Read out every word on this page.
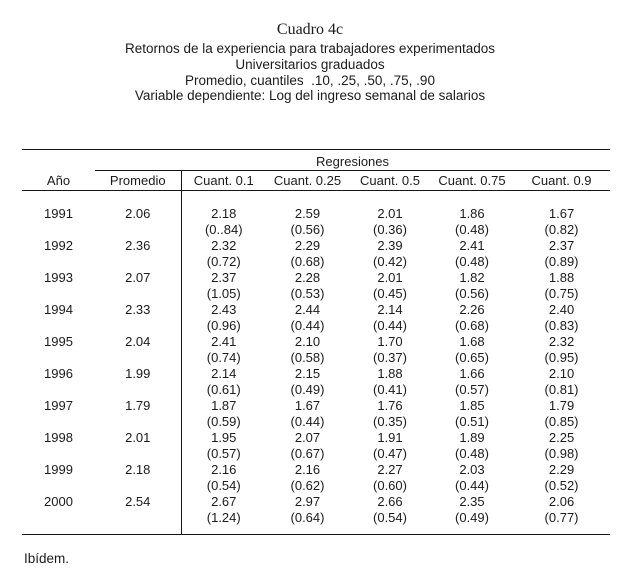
Cuadro 4c
Retornos de la experiencia para trabajadores experimentados
Universitarios graduados
Promedio, cuantiles  .10, .25, .50, .75, .90
Variable dependiente: Log del ingreso semanal de salarios
	Regresiones					
Año	Promedio	Cuant. 0.1	Cuant. 0.25	Cuant. 0.5	Cuant. 0.75	Cuant. 0.9

1991	2.06	2.18	2.59	2.01	1.86	1.67
		(0..84)	(0.56)	(0.36)	(0.48)	(0.82)
1992	2.36	2.32	2.29	2.39	2.41	2.37
		(0.72)	(0.68)	(0.42)	(0.48)	(0.89)
1993	2.07	2.37	2.28	2.01	1.82	1.88
		(1.05)	(0.53)	(0.45)	(0.56)	(0.75)
1994	2.33	2.43	2.44	2.14	2.26	2.40
		(0.96)	(0.44)	(0.44)	(0.68)	(0.83)
1995	2.04	2.41	2.10	1.70	1.68	2.32
		(0.74)	(0.58)	(0.37)	(0.65)	(0.95)
1996	1.99	2.14	2.15	1.88	1.66	2.10
		(0.61)	(0.49)	(0.41)	(0.57)	(0.81)
1997	1.79	1.87	1.67	1.76	1.85	1.79
		(0.59)	(0.44)	(0.35)	(0.51)	(0.85)
1998	2.01	1.95	2.07	1.91	1.89	2.25
		(0.57)	(0.67)	(0.47)	(0.48)	(0.98)
1999	2.18	2.16	2.16	2.27	2.03	2.29
		(0.54)	(0.62)	(0.60)	(0.44)	(0.52)
2000	2.54	2.67	2.97	2.66	2.35	2.06
		(1.24)	(0.64)	(0.54)	(0.49)	(0.77)
Ibídem.
